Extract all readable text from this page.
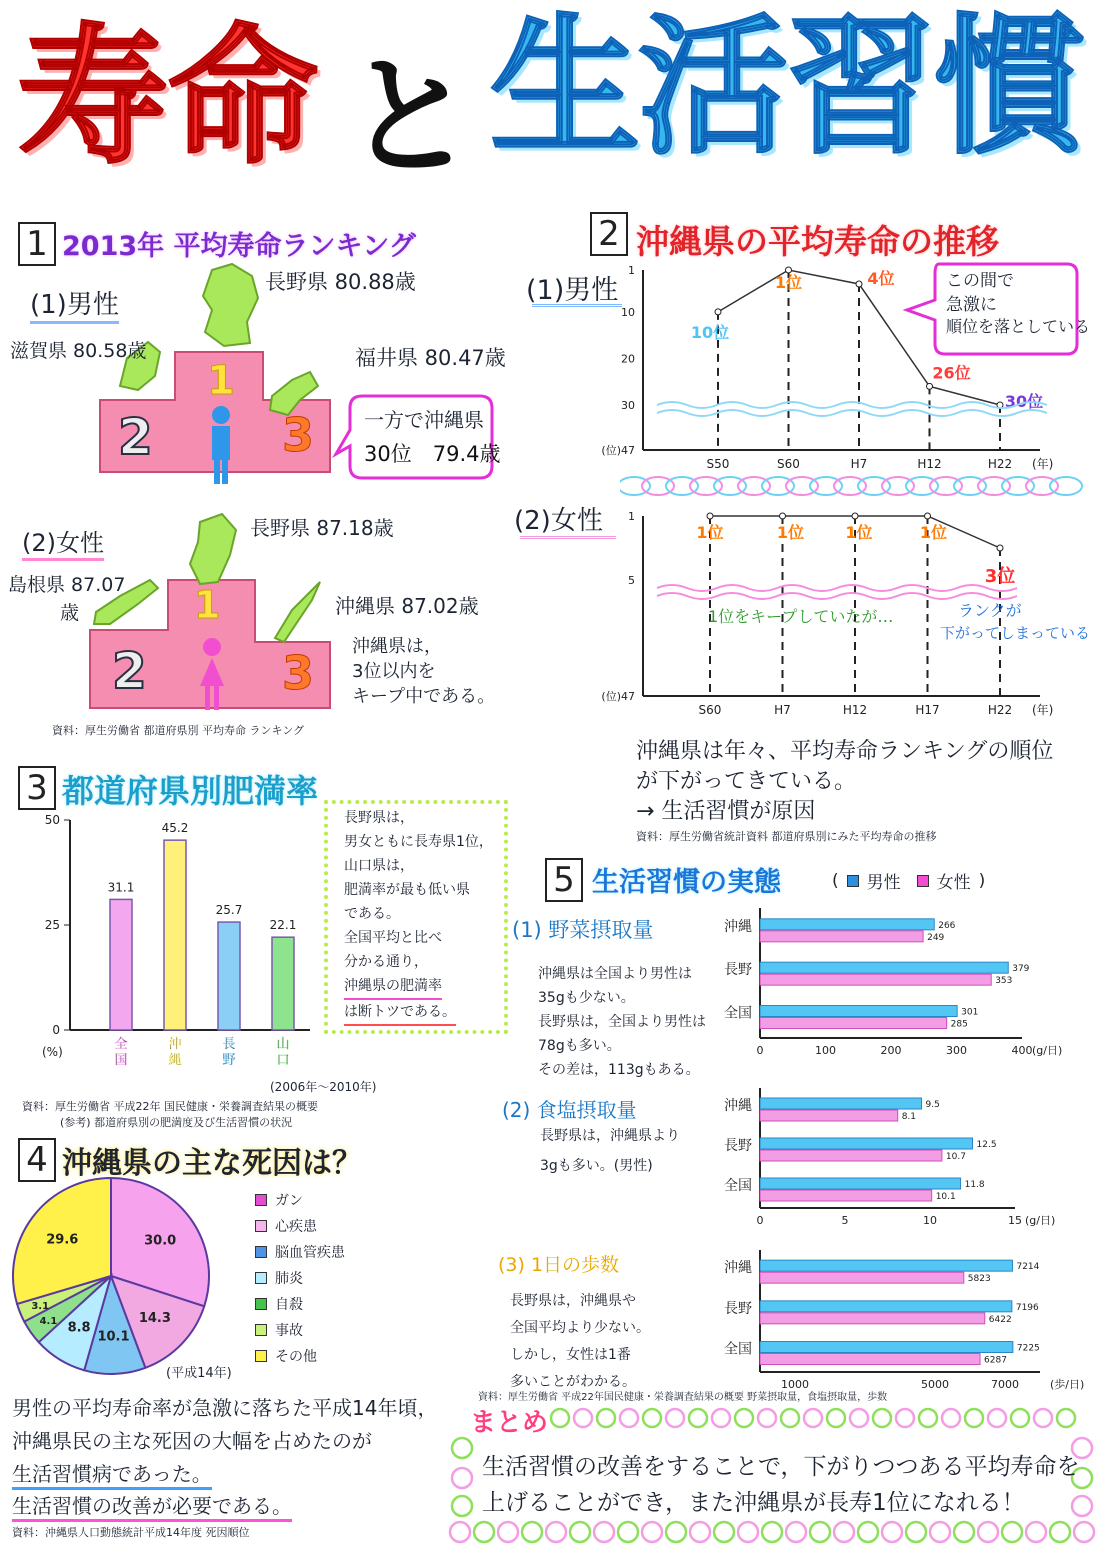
寿命 と 生活習慣
1 2013年 平均寿命ランキング
(1)男性
1
2	3
長野県 80.88歳
滋賀県 80.58歳	福井県 80.47歳
一方で沖縄県
30位　79.4歳
(2)女性
1
2	3
長野県 87.18歳
島根県 87.07
歳	沖縄県 87.02歳
沖縄県は，
3位以内を
キープ中である。
資料：厚生労働省 都道府県別 平均寿命 ランキング
2 沖縄県の平均寿命の推移
(1)男性
1
10
20
30
(位)47
S50	S60	H7	H12	H22 (年)
10位
1位	4位
26位
30位
この間で
急激に
順位を落としている
(2)女性 1
5
(位)47
S60	H7	H12	H17	H22 (年)
1位	1位	1位	1位
3位
1位をキープしていたが…	ランクが
下がってしまっている
沖縄県は年々、平均寿命ランキングの順位
が下がってきている。
→ 生活習慣が原因
資料：厚生労働省統計資料 都道府県別にみた平均寿命の推移
3 都道府県別肥満率
0
25
50
(%)
31.1
全
国
45.2
沖
縄
25.7
長
野
22.1
山
口
(2006年～2010年)
長野県は，
男女ともに長寿県1位，
山口県は，
肥満率が最も低い県
である。
全国平均と比べ
分かる通り，
沖縄県の肥満率 は断トツである。
資料：厚生労働省 平成22年 国民健康・栄養調査結果の概要
(参考) 都道府県別の肥満度及び生活習慣の状況
4 沖縄県の主な死因は？
30.0
14.3
10.1
8.8
4.1
3.1
29.6
ガン
心疾患
脳血管疾患
肺炎
自殺
事故
その他
(平成14年)
男性の平均寿命率が急激に落ちた平成14年頃，
沖縄県民の主な死因の大幅を占めたのが
生活習慣病であった。
生活習慣の改善が必要である。
資料：沖縄県人口動態統計平成14年度 死因順位
5 生活習慣の実態	( 男性 女性 )
(1) 野菜摂取量
沖縄県は全国より男性は
35gも少ない。
長野県は，全国より男性は
78gも多い。
その差は，113gもある。
0	100	200	300	400 (g/日)
沖縄	266
249
長野	379
353
全国	301
285
(2) 食塩摂取量
長野県は，沖縄県より
3gも多い。(男性)
0	5	10	15 (g/日)
沖縄	9.5
8.1
長野	12.5
10.7
全国	11.8
10.1
(3) 1日の歩数
長野県は，沖縄県や
全国平均より少ない。
しかし，女性は1番
多いことがわかる。	1000	5000	7000	(歩/日)
沖縄	7214
5823
長野	7196
6422
全国	7225
6287
資料：厚生労働省 平成22年国民健康・栄養調査結果の概要 野菜摂取量，食塩摂取量，歩数
まとめ
生活習慣の改善をすることで，下がりつつある平均寿命を
上げることができ，また沖縄県が長寿1位になれる！
